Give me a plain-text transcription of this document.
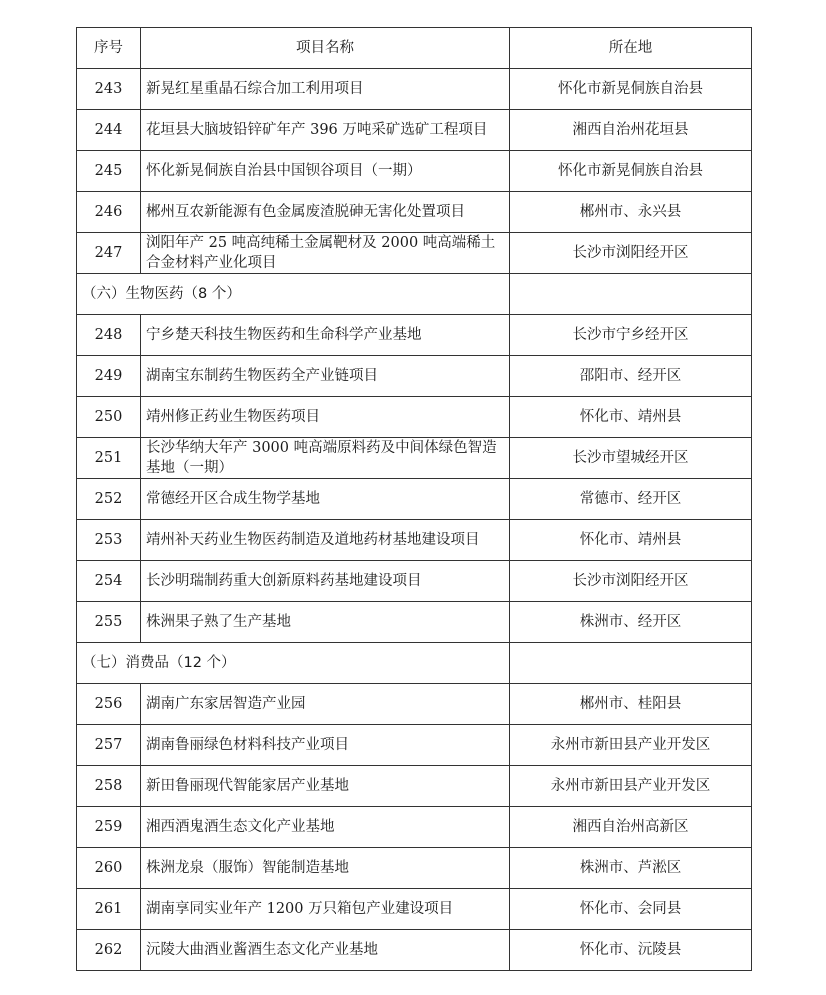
序号	项目名称	所在地
243	新晃红星重晶石综合加工利用项目	怀化市新晃侗族自治县
244	花垣县大脑坡铅锌矿年产 396 万吨采矿选矿工程项目	湘西自治州花垣县
245	怀化新晃侗族自治县中国钡谷项目（一期）	怀化市新晃侗族自治县
246	郴州互农新能源有色金属废渣脱砷无害化处置项目	郴州市、永兴县
247	浏阳年产 25 吨高纯稀土金属靶材及 2000 吨高端稀土合金材料产业化项目	长沙市浏阳经开区
（六）生物医药（8 个）		
248	宁乡楚天科技生物医药和生命科学产业基地	长沙市宁乡经开区
249	湖南宝东制药生物医药全产业链项目	邵阳市、经开区
250	靖州修正药业生物医药项目	怀化市、靖州县
251	长沙华纳大年产 3000 吨高端原料药及中间体绿色智造基地（一期）	长沙市望城经开区
252	常德经开区合成生物学基地	常德市、经开区
253	靖州补天药业生物医药制造及道地药材基地建设项目	怀化市、靖州县
254	长沙明瑞制药重大创新原料药基地建设项目	长沙市浏阳经开区
255	株洲果子熟了生产基地	株洲市、经开区
（七）消费品（12 个）		
256	湖南广东家居智造产业园	郴州市、桂阳县
257	湖南鲁丽绿色材料科技产业项目	永州市新田县产业开发区
258	新田鲁丽现代智能家居产业基地	永州市新田县产业开发区
259	湘西酒鬼酒生态文化产业基地	湘西自治州高新区
260	株洲龙泉（服饰）智能制造基地	株洲市、芦淞区
261	湖南享同实业年产 1200 万只箱包产业建设项目	怀化市、会同县
262	沅陵大曲酒业酱酒生态文化产业基地	怀化市、沅陵县
